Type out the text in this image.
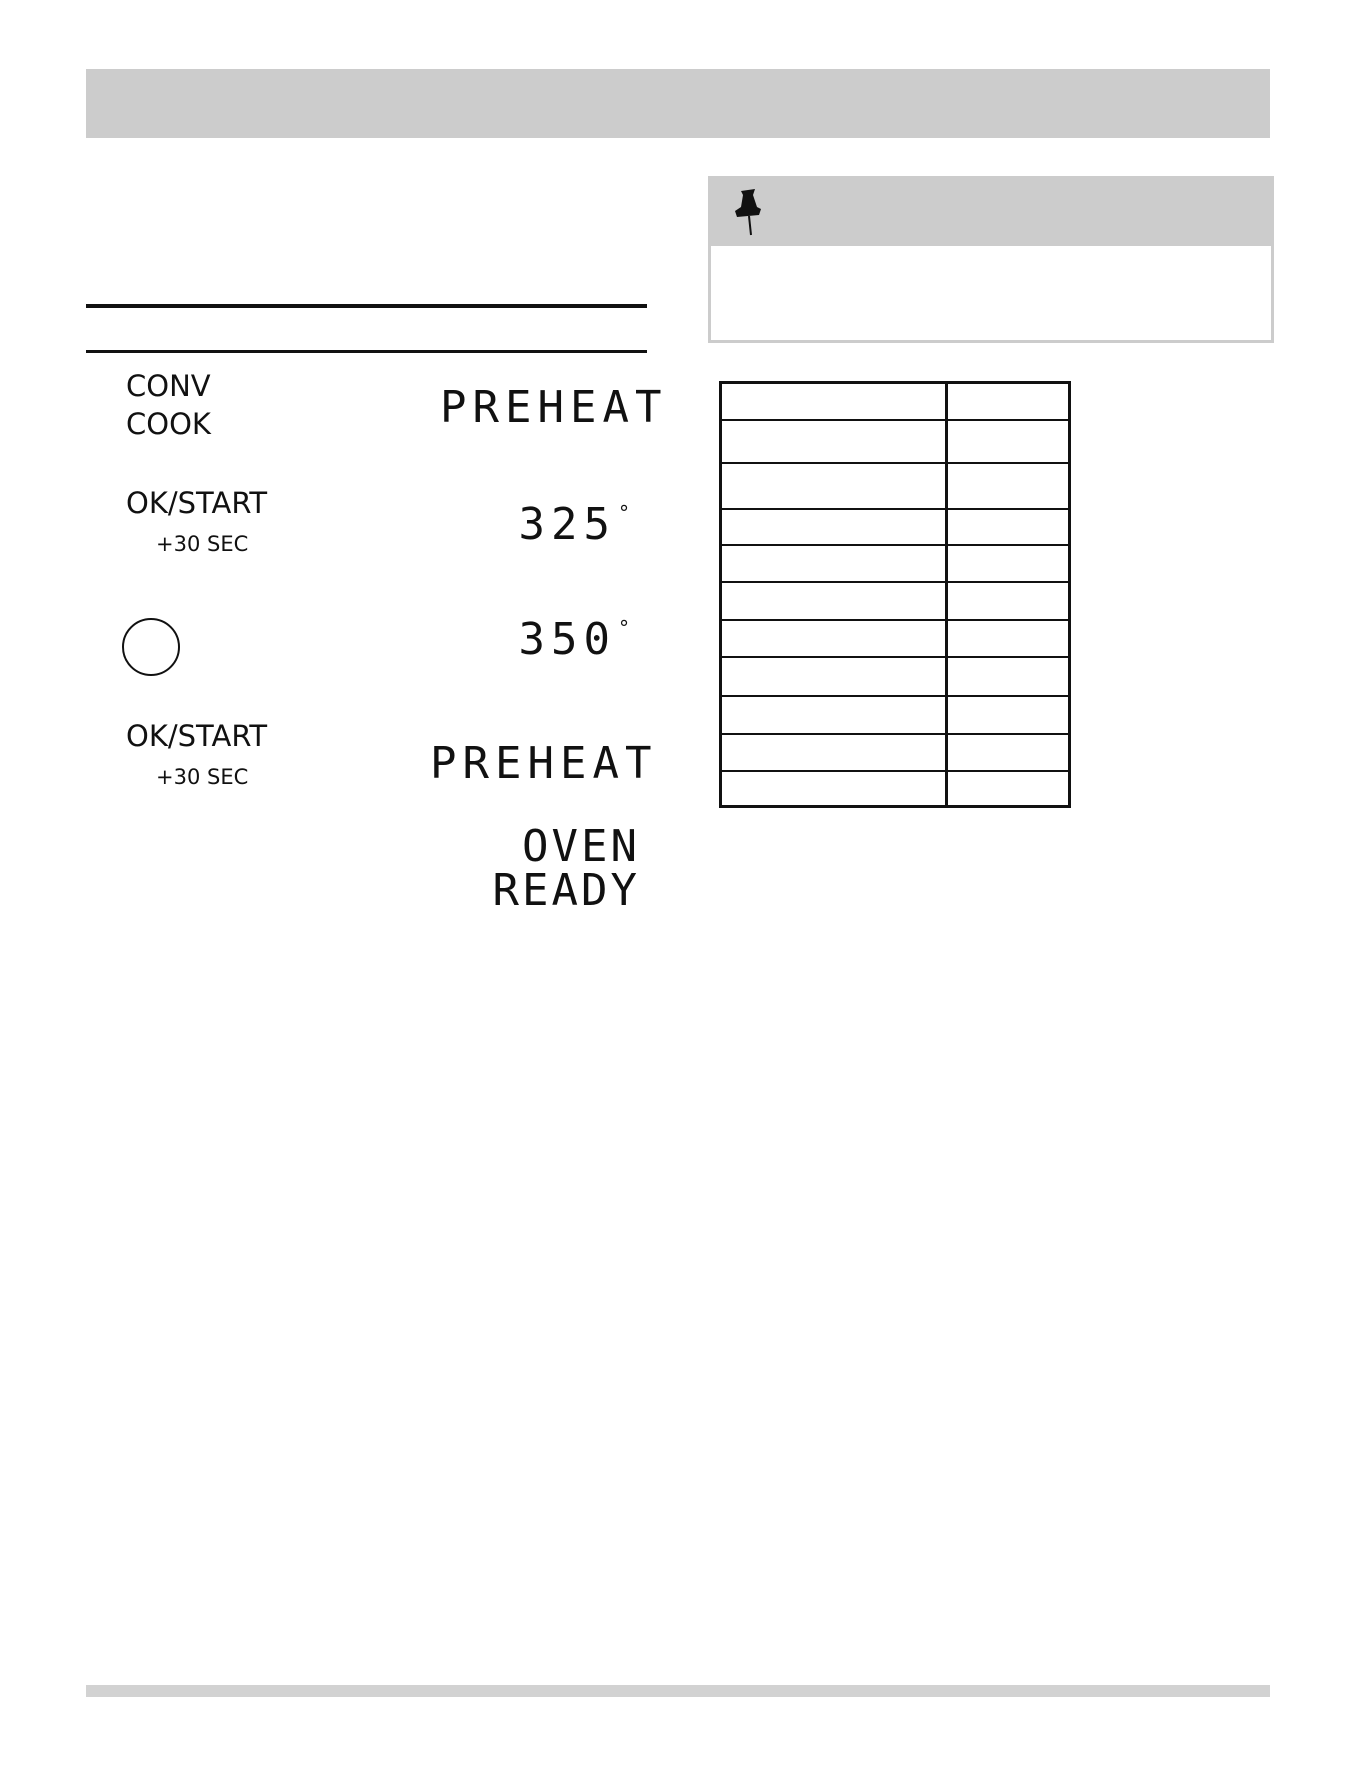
CONV
COOK	PREHEAT
OK/START
+30 SEC	325 °
350 °
OK/START
+30 SEC	PREHEAT
OVEN READY
